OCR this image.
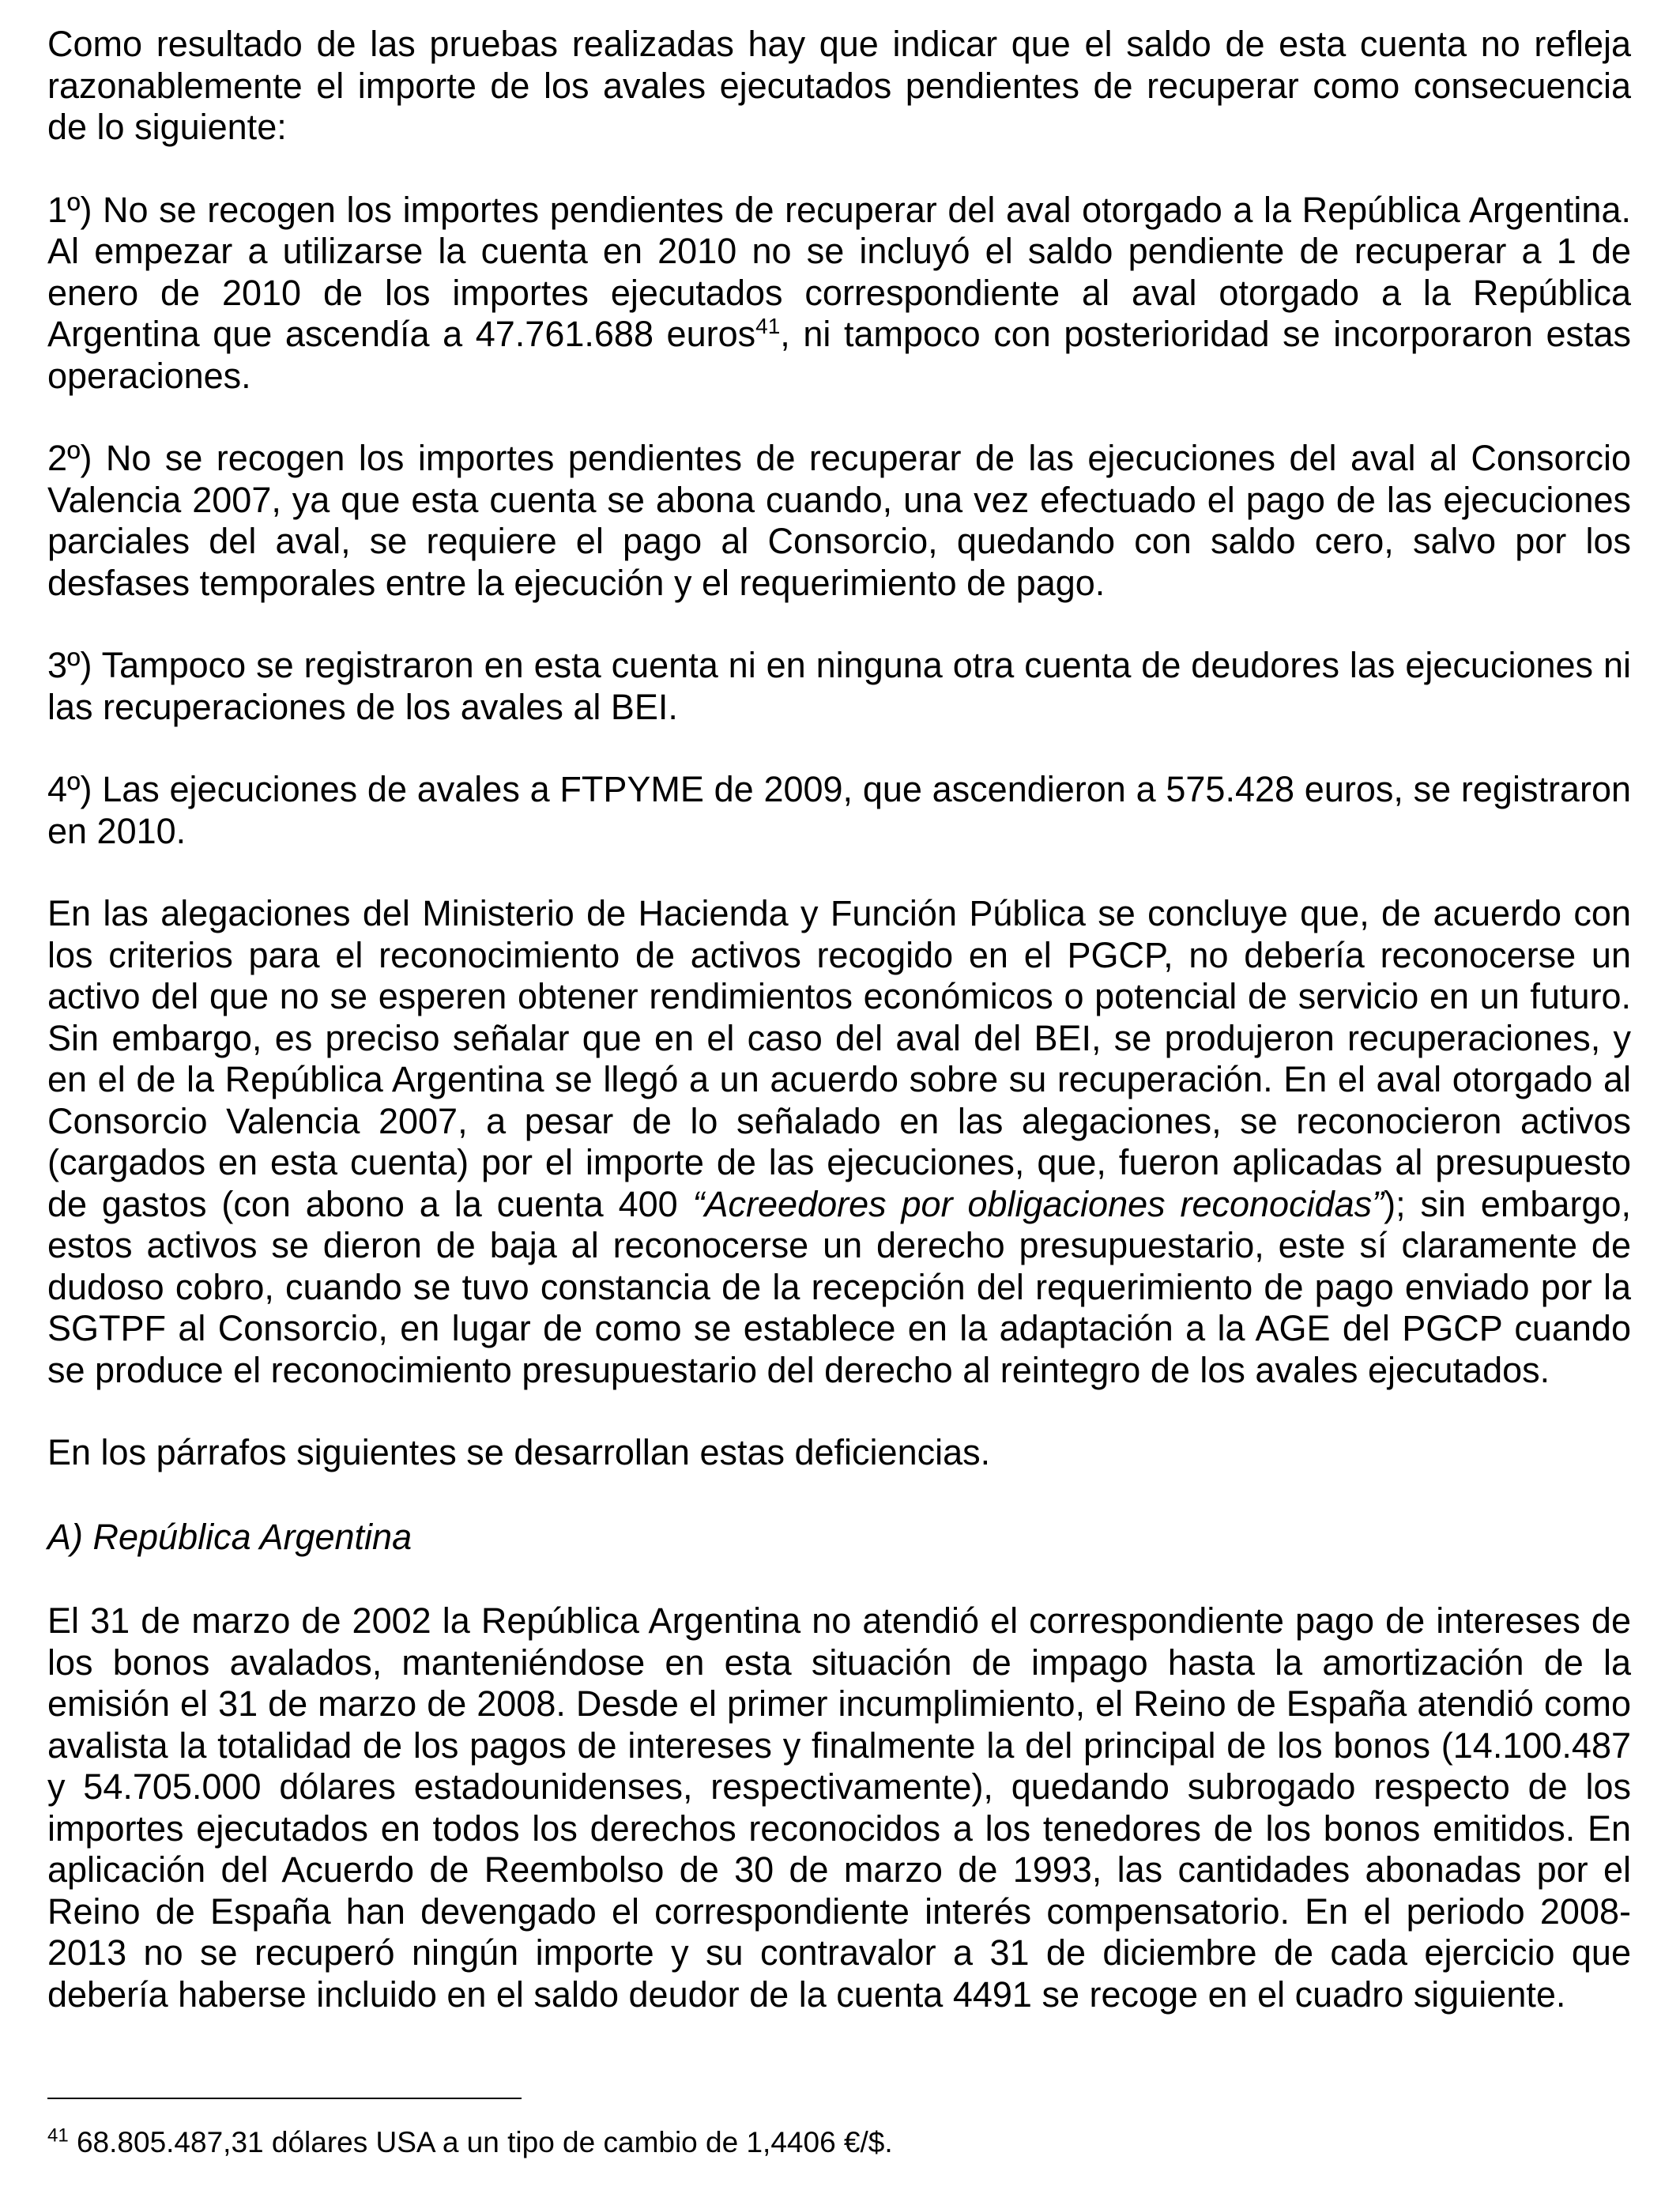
Como resultado de las pruebas realizadas hay que indicar que el saldo de esta cuenta no refleja razonablemente el importe de los avales ejecutados pendientes de recuperar como consecuencia de lo siguiente:

1º) No se recogen los importes pendientes de recuperar del aval otorgado a la República Argentina. Al empezar a utilizarse la cuenta en 2010 no se incluyó el saldo pendiente de recuperar a 1 de enero de 2010 de los importes ejecutados correspondiente al aval otorgado a la República Argentina que ascendía a 47.761.688 euros$^{41}$, ni tampoco con posterioridad se incorporaron estas operaciones.

2º) No se recogen los importes pendientes de recuperar de las ejecuciones del aval al Consorcio Valencia 2007, ya que esta cuenta se abona cuando, una vez efectuado el pago de las ejecuciones parciales del aval, se requiere el pago al Consorcio, quedando con saldo cero, salvo por los desfases temporales entre la ejecución y el requerimiento de pago.

3º) Tampoco se registraron en esta cuenta ni en ninguna otra cuenta de deudores las ejecuciones ni las recuperaciones de los avales al BEI.

4º) Las ejecuciones de avales a FTPYME de 2009, que ascendieron a 575.428 euros, se registraron en 2010.

En las alegaciones del Ministerio de Hacienda y Función Pública se concluye que, de acuerdo con los criterios para el reconocimiento de activos recogido en el PGCP, no debería reconocerse un activo del que no se esperen obtener rendimientos económicos o potencial de servicio en un futuro. Sin embargo, es preciso señalar que en el caso del aval del BEI, se produjeron recuperaciones, y en el de la República Argentina se llegó a un acuerdo sobre su recuperación. En el aval otorgado al Consorcio Valencia 2007, a pesar de lo señalado en las alegaciones, se reconocieron activos (cargados en esta cuenta) por el importe de las ejecuciones, que, fueron aplicadas al presupuesto de gastos (con abono a la cuenta 400 “Acreedores por obligaciones reconocidas”); sin embargo, estos activos se dieron de baja al reconocerse un derecho presupuestario, este sí claramente de dudoso cobro, cuando se tuvo constancia de la recepción del requerimiento de pago enviado por la SGTPF al Consorcio, en lugar de como se establece en la adaptación a la AGE del PGCP cuando se produce el reconocimiento presupuestario del derecho al reintegro de los avales ejecutados.

En los párrafos siguientes se desarrollan estas deficiencias.

A) República Argentina

El 31 de marzo de 2002 la República Argentina no atendió el correspondiente pago de intereses de los bonos avalados, manteniéndose en esta situación de impago hasta la amortización de la emisión el 31 de marzo de 2008. Desde el primer incumplimiento, el Reino de España atendió como avalista la totalidad de los pagos de intereses y finalmente la del principal de los bonos (14.100.487 y 54.705.000 dólares estadounidenses, respectivamente), quedando subrogado respecto de los importes ejecutados en todos los derechos reconocidos a los tenedores de los bonos emitidos. En aplicación del Acuerdo de Reembolso de 30 de marzo de 1993, las cantidades abonadas por el Reino de España han devengado el correspondiente interés compensatorio. En el periodo 2008-2013 no se recuperó ningún importe y su contravalor a 31 de diciembre de cada ejercicio que debería haberse incluido en el saldo deudor de la cuenta 4491 se recoge en el cuadro siguiente.

$^{41}$ 68.805.487,31 dólares USA a un tipo de cambio de 1,4406 €/$.
